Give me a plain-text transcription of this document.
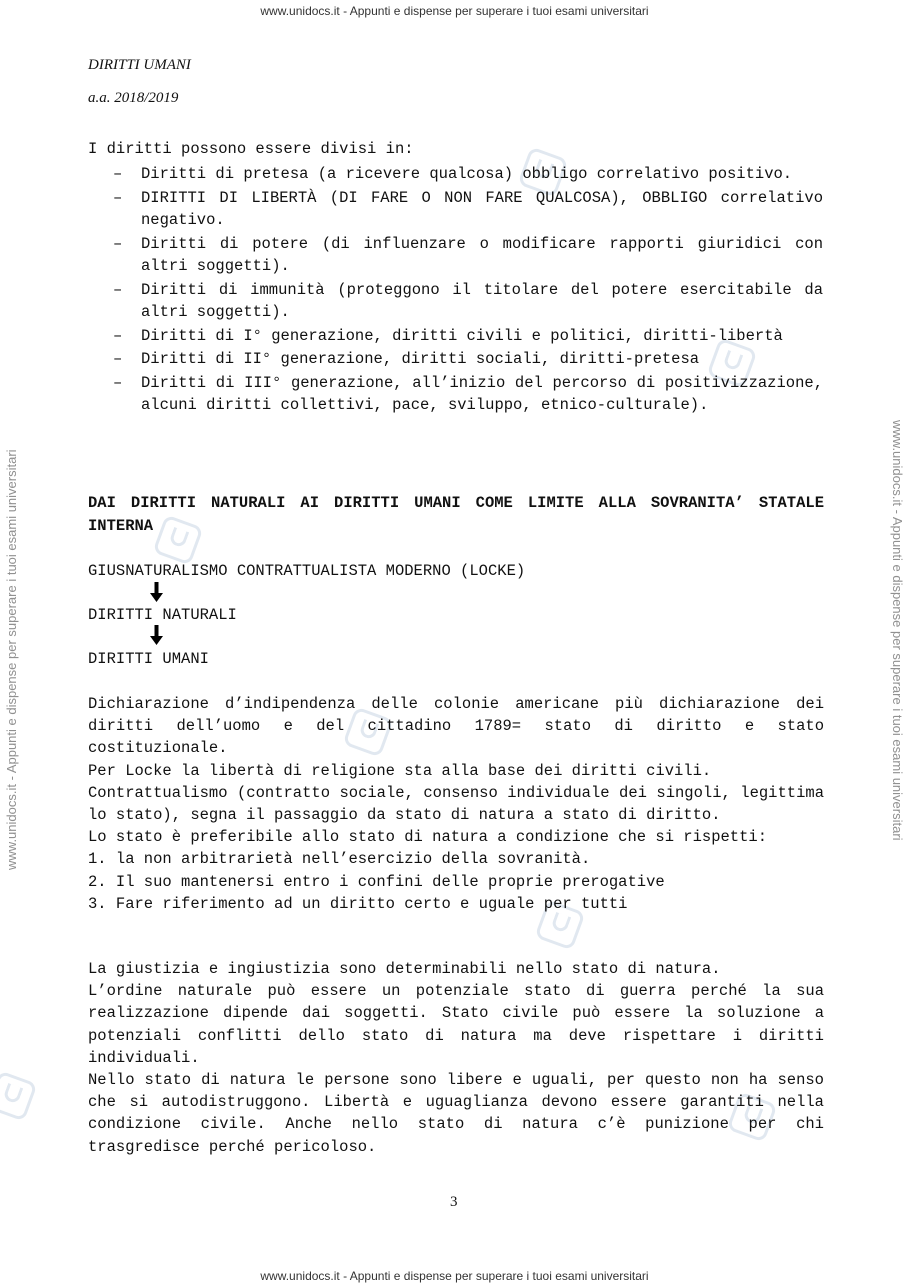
www.unidocs.it - Appunti e dispense per superare i tuoi esami universitari
www.unidocs.it - Appunti e dispense per superare i tuoi esami universitari
www.unidocs.it - Appunti e dispense per superare i tuoi esami universitari	www.unidocs.it - Appunti e dispense per superare i tuoi esami universitari
DIRITTI UMANI
a.a. 2018/2019
I diritti possono essere divisi in:
– Diritti di pretesa (a ricevere qualcosa) obbligo correlativo positivo.
– DIRITTI DI LIBERTÀ (DI FARE O NON FARE QUALCOSA), OBBLIGO correlativo negativo.
– Diritti di potere (di influenzare o modificare rapporti giuridici con altri soggetti).
– Diritti di immunità (proteggono il titolare del potere esercitabile da altri soggetti).
– Diritti di I° generazione, diritti civili e politici, diritti-libertà
– Diritti di II° generazione, diritti sociali, diritti-pretesa
– Diritti di III° generazione, all’inizio del percorso di positivizzazione, alcuni diritti collettivi, pace, sviluppo, etnico-culturale).
DAI DIRITTI NATURALI AI DIRITTI UMANI COME LIMITE ALLA SOVRANITA’ STATALE INTERNA
GIUSNATURALISMO CONTRATTUALISTA MODERNO (LOCKE)
DIRITTI NATURALI
DIRITTI UMANI

Dichiarazione d’indipendenza delle colonie americane più dichiarazione dei diritti dell’uomo e del cittadino 1789= stato di diritto e stato costituzionale.

Per Locke la libertà di religione sta alla base dei diritti civili.

Contrattualismo (contratto sociale, consenso individuale dei singoli, legittima lo stato), segna il passaggio da stato di natura a stato di diritto.

Lo stato è preferibile allo stato di natura a condizione che si rispetti:

1. la non arbitrarietà nell’esercizio della sovranità.

2. Il suo mantenersi entro i confini delle proprie prerogative

3. Fare riferimento ad un diritto certo e uguale per tutti

La giustizia e ingiustizia sono determinabili nello stato di natura.

L’ordine naturale può essere un potenziale stato di guerra perché la sua realizzazione dipende dai soggetti. Stato civile può essere la soluzione a potenziali conflitti dello stato di natura ma deve rispettare i diritti individuali.

Nello stato di natura le persone sono libere e uguali, per questo non ha senso che si autodistruggono. Libertà e uguaglianza devono essere garantiti nella condizione civile. Anche nello stato di natura c’è punizione per chi trasgredisce perché pericoloso.

3
